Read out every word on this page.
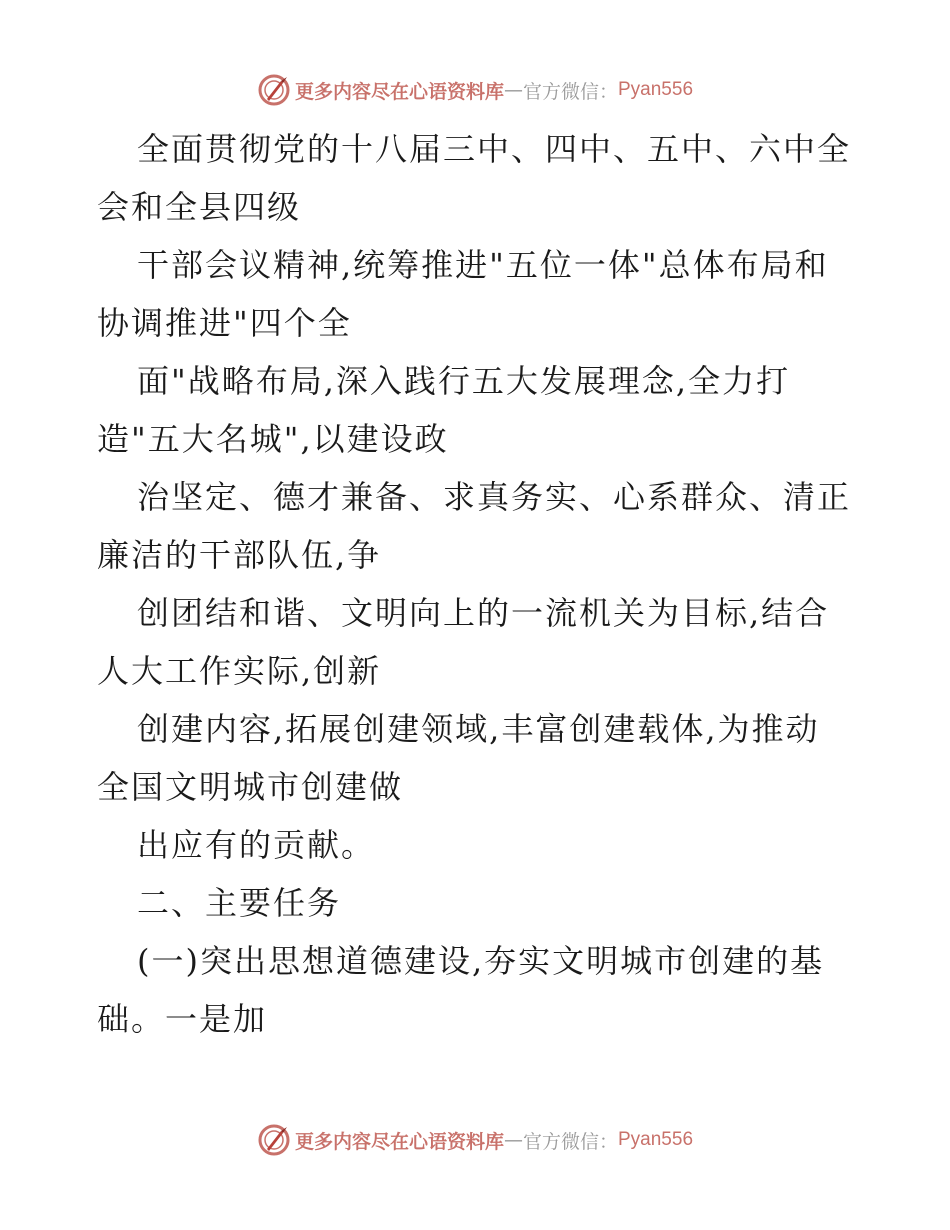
更多内容尽在心语资料库 — 官方微信： Pyan556
全面贯彻党的十八届三中、四中、五中、六中全
会和全县四级
干部会议精神,统筹推进"五位一体"总体布局和
协调推进"四个全
面"战略布局,深入践行五大发展理念,全力打
造"五大名城",以建设政
治坚定、德才兼备、求真务实、心系群众、清正
廉洁的干部队伍,争
创团结和谐、文明向上的一流机关为目标,结合
人大工作实际,创新
创建内容,拓展创建领域,丰富创建载体,为推动
全国文明城市创建做
出应有的贡献。
二、主要任务
(一)突出思想道德建设,夯实文明城市创建的基
础。一是加
更多内容尽在心语资料库 — 官方微信： Pyan556
